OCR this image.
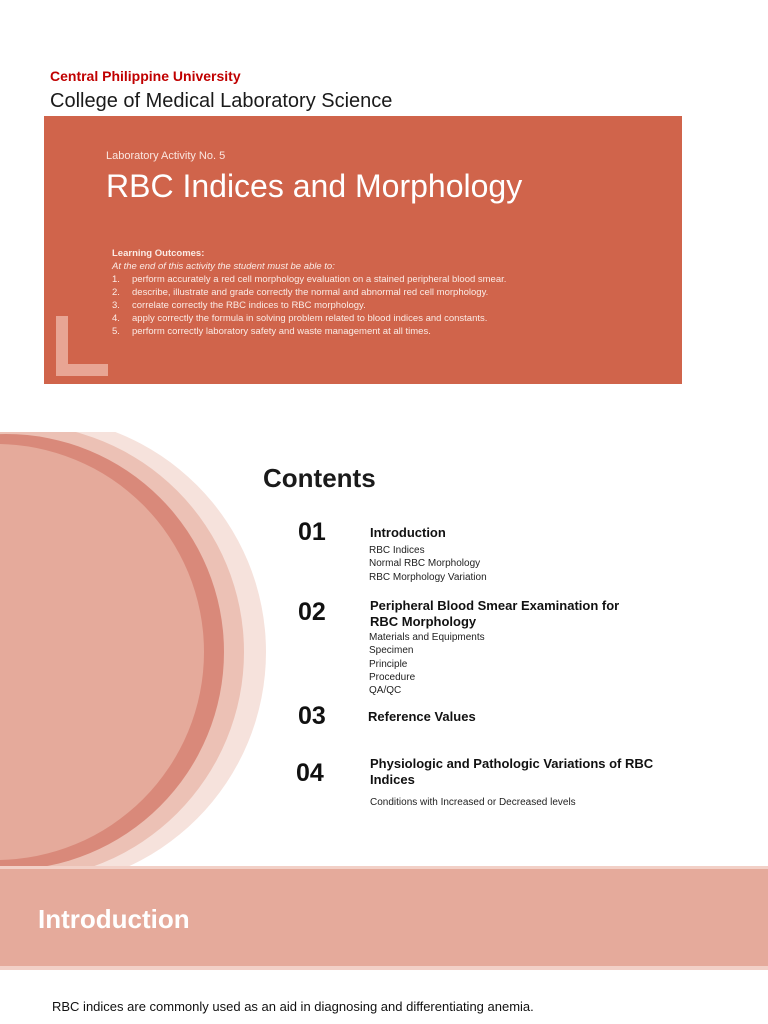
Central Philippine University
College of Medical Laboratory Science
Laboratory Activity No. 5
RBC Indices and Morphology
Learning Outcomes:
At the end of this activity the student must be able to:
1. perform accurately a red cell morphology evaluation on a stained peripheral blood smear.
2. describe, illustrate and grade correctly the normal and abnormal red cell morphology.
3. correlate correctly the RBC indices to RBC morphology.
4. apply correctly the formula in solving problem related to blood indices and constants.
5. perform correctly laboratory safety and waste management at all times.
Contents
01	Introduction
RBC Indices
Normal RBC Morphology
RBC Morphology Variation
02	Peripheral Blood Smear Examination for RBC Morphology
Materials and Equipments
Specimen
Principle
Procedure
QA/QC
03	Reference Values
04	Physiologic and Pathologic Variations of RBC Indices
Conditions with Increased or Decreased levels
Introduction
RBC indices are commonly used as an aid in diagnosing and differentiating anemia.
